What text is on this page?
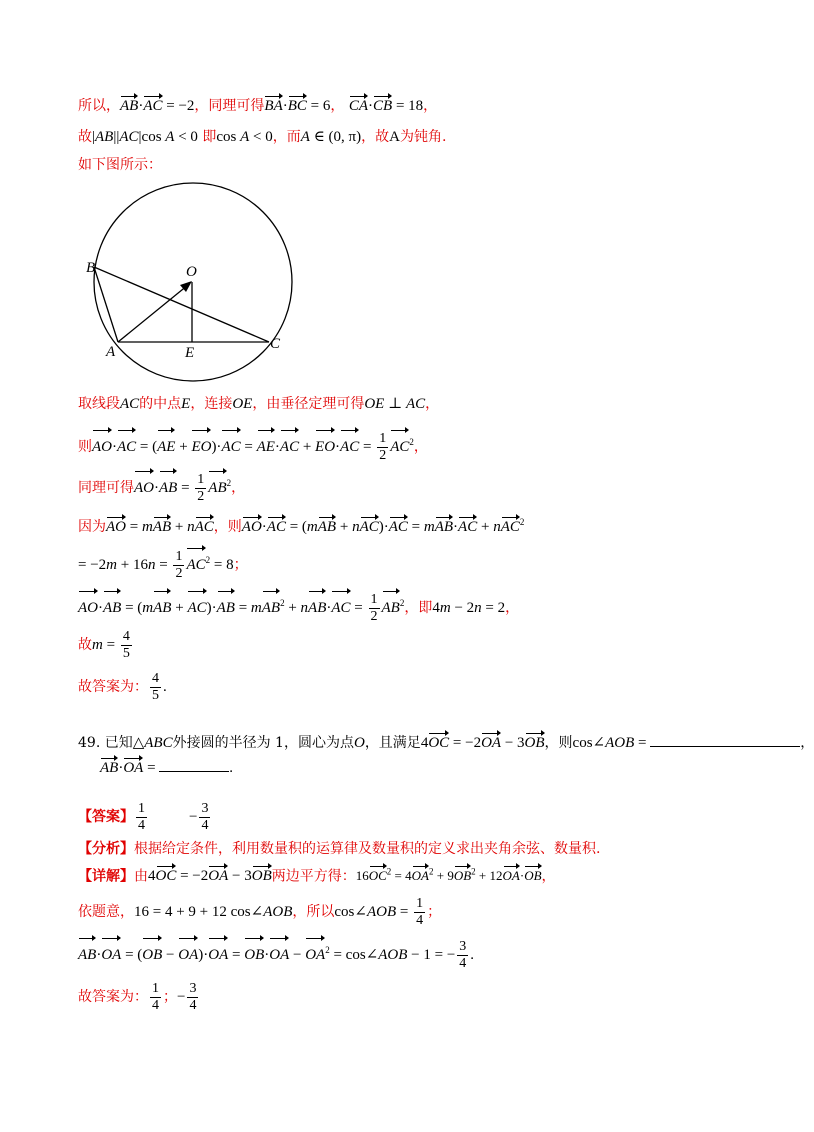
所以，AB·AC = −2，同理可得BA·BC = 6， CA·CB = 18，
故|AB||AC|cos A < 0 即cos A < 0，而A ∈ (0, π)，故A为钝角.
如下图所示：
B	O
A	E
C
取线段AC的中点E，连接OE，由垂径定理可得OE ⊥ AC，
则$AO\cdot AC = (AE + EO)\cdot AC = AE\cdot AC + EO\cdot AC = \frac{1}{2} AC^2$，
同理可得$AO\cdot AB = \frac{1}{2} AB^2$，
因为AO = mAB + nAC，则AO·AC = (mAB + nAC)·AC = mAB·AC + nAC$^2$
= $-2m + 16n = \frac{1}{2} AC^2 = 8$；
$AO\cdot AB = (mAB + AC)\cdot AB = mAB^2 + nAB\cdot AC = \frac{1}{2} AB^2$，即4m − 2n = 2，
故$m = \frac{4}{5}$
故答案为： $\frac{4}{5}$ .
49. 已知△ABC外接圆的半径为 1，圆心为点O，且满足4OC = −2OA − 3OB，则cos∠AOB =	，
AB·OA =	.
【答案】 $\frac{1}{4}$	− $\frac{3}{4}$
【分析】根据给定条件，利用数量积的运算律及数量积的定义求出夹角余弦、数量积.
【详解】由4OC = −2OA − 3OB两边平方得：$16OC^2 = 4OA^2 + 9OB^2 + 12OA\cdot OB$，
依题意，16 = 4 + 9 + 12 cos∠AOB，所以cos∠AOB = $\frac{1}{4}$ ；
$AB\cdot OA = (OB - OA)\cdot OA = OB\cdot OA - OA^2$ = cos∠AOB − 1 = − $\frac{3}{4}$ .
故答案为： $\frac{1}{4}$ ；− $\frac{3}{4}$
